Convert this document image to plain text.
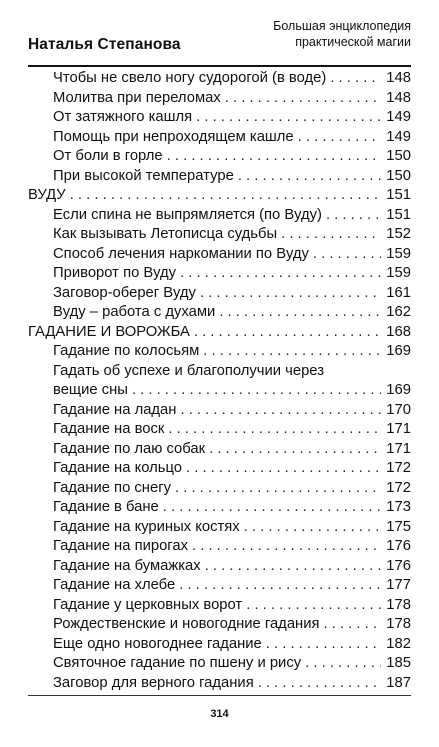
Наталья Степанова
Большая энциклопедия
практической магии
Чтобы не свело ногу судорогой (в воде) . . .	148
Молитва при переломах . . .	148
От затяжного кашля . . .	149
Помощь при непроходящем кашле . . .	149
От боли в горле . . .	150
При высокой температуре . . .	150
ВУДУ . . .	151
Если спина не выпрямляется (по Вуду) . . .	151
Как вызывать Летописца судьбы . . .	152
Способ лечения наркомании по Вуду . . .	159
Приворот по Вуду . . .	159
Заговор-оберег Вуду . . .	161
Вуду – работа с духами . . .	162
ГАДАНИЕ И ВОРОЖБА . . .	168
Гадание по колосьям . . .	169
Гадать об успехе и благополучии через
вещие сны . . .	169
Гадание на ладан . . .	170
Гадание на воск . . .	171
Гадание по лаю собак . . .	171
Гадание на кольцо . . .	172
Гадание по снегу . . .	172
Гадание в бане . . .	173
Гадание на куриных костях . . .	175
Гадание на пирогах . . .	176
Гадание на бумажках . . .	176
Гадание на хлебе . . .	177
Гадание у церковных ворот . . .	178
Рождественские и новогодние гадания . . .	178
Еще одно новогоднее гадание . . .	182
Святочное гадание по пшену и рису . . .	185
Заговор для верного гадания . . .	187
314
